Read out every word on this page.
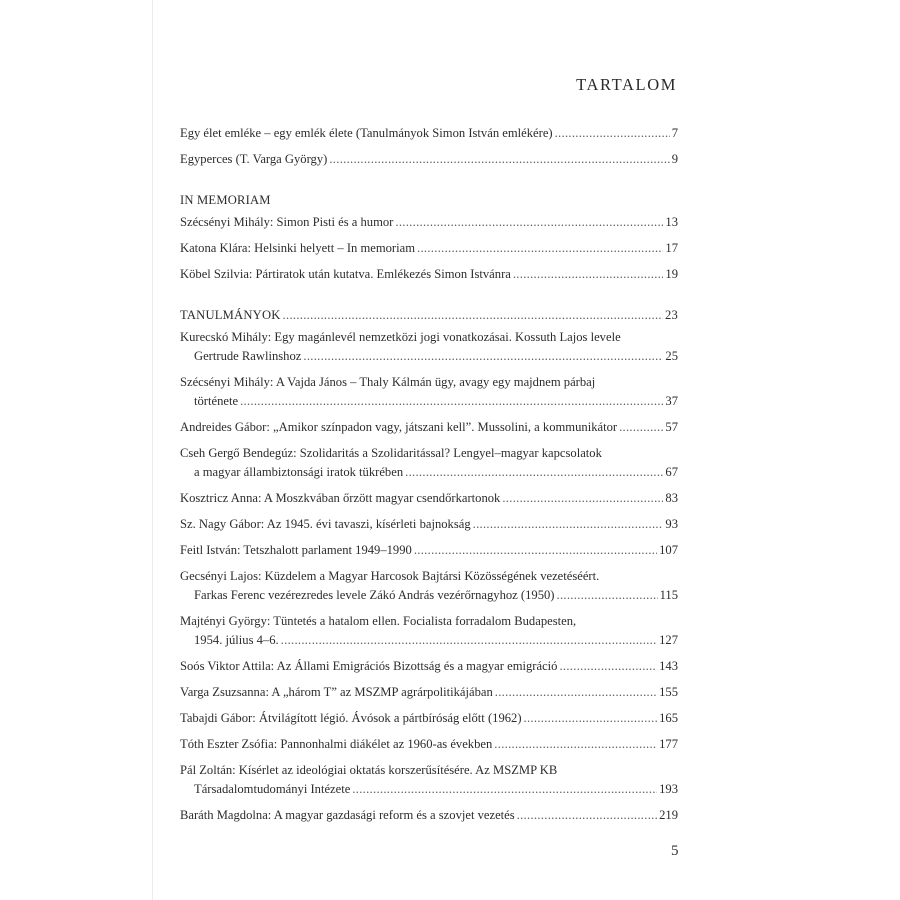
TARTALOM
Egy élet emléke – egy emlék élete (Tanulmányok Simon István emlékére) .....	7
Egyperces (T. Varga György) .....	9
IN MEMORIAM
Szécsényi Mihály: Simon Pisti és a humor .....	13
Katona Klára: Helsinki helyett – In memoriam .....	17
Köbel Szilvia: Pártiratok után kutatva. Emlékezés Simon Istvánra .....	19
TANULMÁNYOK .....	23
Kurecskó Mihály: Egy magánlevél nemzetközi jogi vonatkozásai. Kossuth Lajos levele
Gertrude Rawlinshoz .....	25
Szécsényi Mihály: A Vajda János – Thaly Kálmán ügy, avagy egy majdnem párbaj
története .....	37
Andreides Gábor: „Amikor színpadon vagy, játszani kell”. Mussolini, a kommunikátor .....	57
Cseh Gergő Bendegúz: Szolidaritás a Szolidaritással? Lengyel–magyar kapcsolatok
a magyar állambiztonsági iratok tükrében .....	67
Kosztricz Anna: A Moszkvában őrzött magyar csendőrkartonok .....	83
Sz. Nagy Gábor: Az 1945. évi tavaszi, kísérleti bajnokság .....	93
Feitl István: Tetszhalott parlament 1949–1990 .....	107
Gecsényi Lajos: Küzdelem a Magyar Harcosok Bajtársi Közösségének vezetéséért.
Farkas Ferenc vezérezredes levele Zákó András vezérőrnagyhoz (1950) .....	115
Majtényi György: Tüntetés a hatalom ellen. Focialista forradalom Budapesten,
1954. július 4–6. .....	127
Soós Viktor Attila: Az Állami Emigrációs Bizottság és a magyar emigráció .....	143
Varga Zsuzsanna: A „három T” az MSZMP agrárpolitikájában .....	155
Tabajdi Gábor: Átvilágított légió. Ávósok a pártbíróság előtt (1962) .....	165
Tóth Eszter Zsófia: Pannonhalmi diákélet az 1960-as években .....	177
Pál Zoltán: Kísérlet az ideológiai oktatás korszerűsítésére. Az MSZMP KB
Társadalomtudományi Intézete .....	193
Baráth Magdolna: A magyar gazdasági reform és a szovjet vezetés .....	219
5
